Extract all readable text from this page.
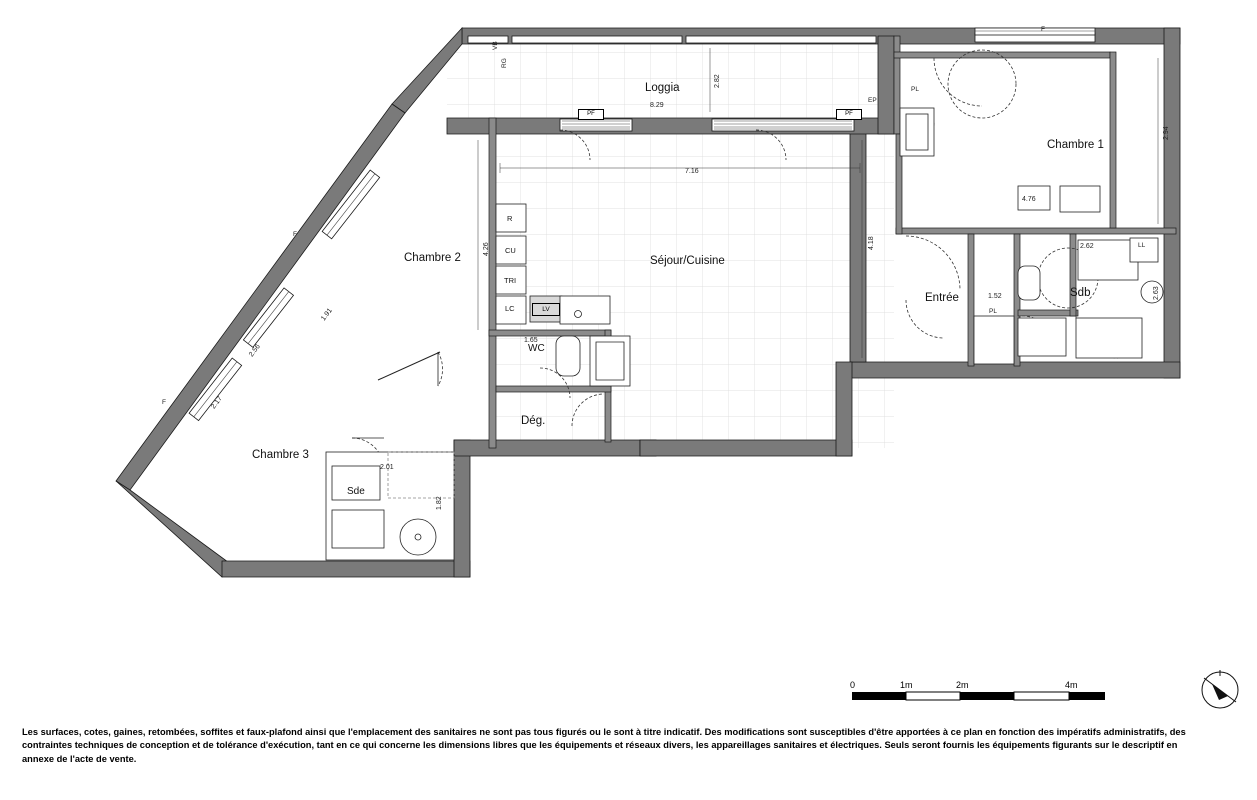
Loggia
Chambre 2	Séjour/Cuisine
Chambre 1
Entrée	Sdb
Dég.
WC
Chambre 3
Sde
8.29
7.16
2.82
4.26	4.18
2.94
4.76
2.62
2.63
1.91
2.17
2.56
2.01
1.82
1.65
1.52
PF	PF
EP
F
F
F
PL
PL
LL
VB
RG
R
CU
TRI
LC	LV
0	1m	2m	4m
Les surfaces, cotes, gaines, retombées, soffites et faux-plafond ainsi que l'emplacement des sanitaires ne sont pas tous figurés ou le sont à titre indicatif. Des modifications sont susceptibles d'être apportées à ce plan en fonction des impératifs administratifs, des contraintes techniques de conception et de tolérance d'exécution, tant en ce qui concerne les dimensions libres que les équipements et réseaux divers, les appareillages sanitaires et électriques. Seuls seront fournis les équipements figurants sur le descriptif en annexe de l'acte de vente.
